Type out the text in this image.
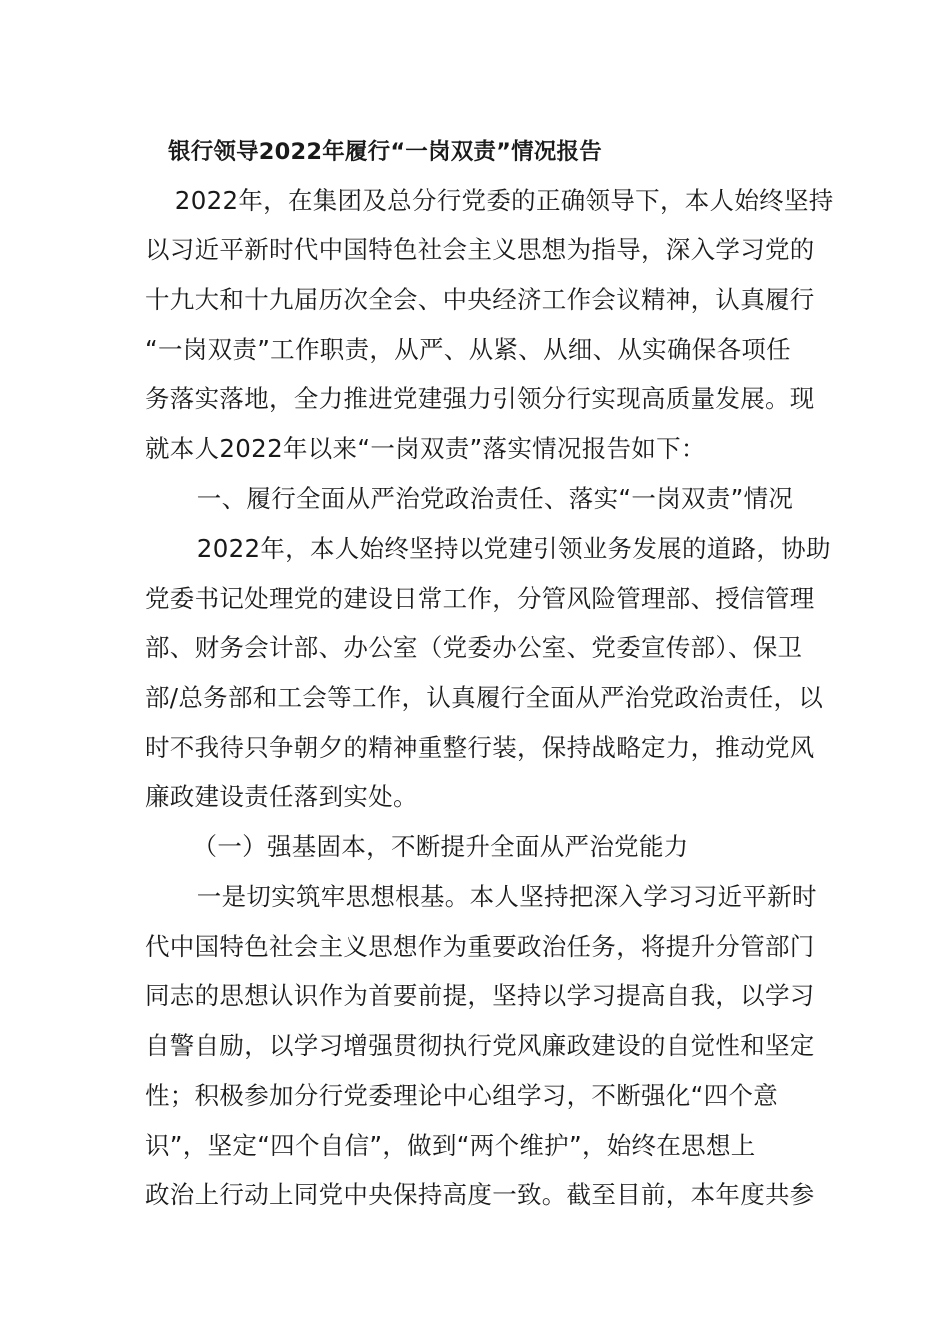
银行领导2022年履行“一岗双责”情况报告
　2022年，在集团及总分行党委的正确领导下，本人始终坚持
以习近平新时代中国特色社会主义思想为指导，深入学习党的
十九大和十九届历次全会、中央经济工作会议精神，认真履行
“一岗双责”工作职责，从严、从紧、从细、从实确保各项任
务落实落地，全力推进党建强力引领分行实现高质量发展。现
就本人2022年以来“一岗双责”落实情况报告如下：
　一、履行全面从严治党政治责任、落实“一岗双责”情况
　2022年，本人始终坚持以党建引领业务发展的道路，协助
党委书记处理党的建设日常工作，分管风险管理部、授信管理
部、财务会计部、办公室（党委办公室、党委宣传部）、保卫
部/总务部和工会等工作，认真履行全面从严治党政治责任，以
时不我待只争朝夕的精神重整行装，保持战略定力，推动党风
廉政建设责任落到实处。
　（一）强基固本，不断提升全面从严治党能力
　一是切实筑牢思想根基。本人坚持把深入学习习近平新时
代中国特色社会主义思想作为重要政治任务，将提升分管部门
同志的思想认识作为首要前提，坚持以学习提高自我，以学习
自警自励，以学习增强贯彻执行党风廉政建设的自觉性和坚定
性；积极参加分行党委理论中心组学习，不断强化“四个意
识”，坚定“四个自信”，做到“两个维护”，始终在思想上
政治上行动上同党中央保持高度一致。截至目前，本年度共参
